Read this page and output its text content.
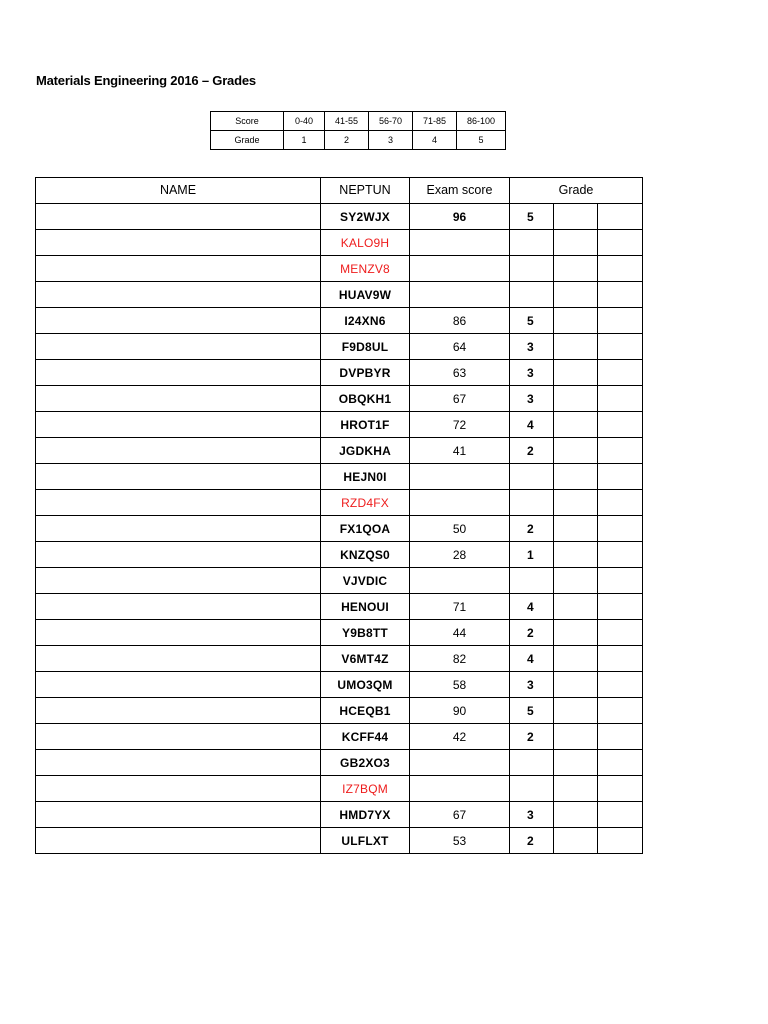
Materials Engineering 2016 – Grades
Score	0-40	41-55	56-70	71-85	86-100
Grade	1	2	3	4	5
NAME	NEPTUN	Exam score	Grade		
	SY2WJX	96	5		
	KALO9H				
	MENZV8				
	HUAV9W				
	I24XN6	86	5		
	F9D8UL	64	3		
	DVPBYR	63	3		
	OBQKH1	67	3		
	HROT1F	72	4		
	JGDKHA	41	2		
	HEJN0I				
	RZD4FX				
	FX1QOA	50	2		
	KNZQS0	28	1		
	VJVDIC				
	HENOUI	71	4		
	Y9B8TT	44	2		
	V6MT4Z	82	4		
	UMO3QM	58	3		
	HCEQB1	90	5		
	KCFF44	42	2		
	GB2XO3				
	IZ7BQM				
	HMD7YX	67	3		
	ULFLXT	53	2		
